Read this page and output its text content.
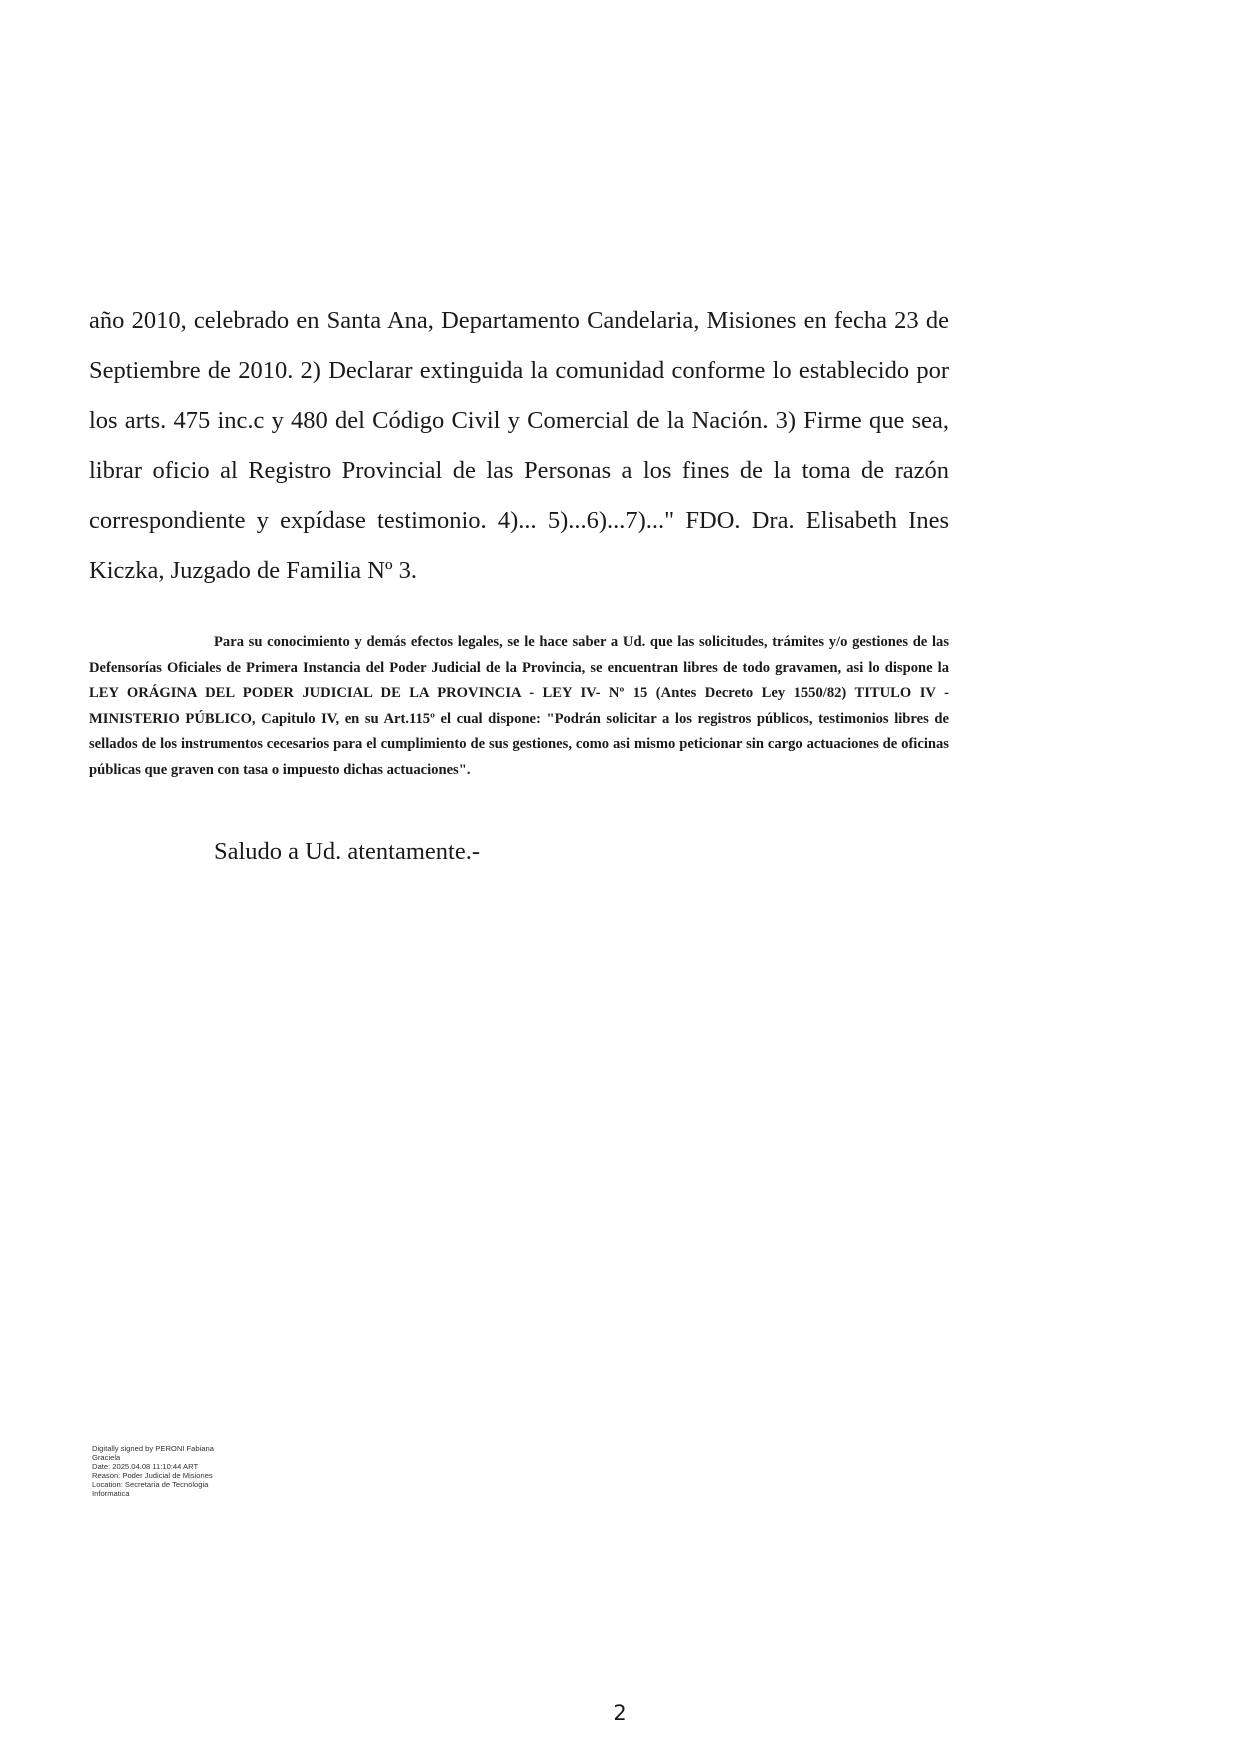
año 2010, celebrado en Santa Ana, Departamento Candelaria, Misiones en fecha 23 de Septiembre de 2010. 2) Declarar extinguida la comunidad conforme lo establecido por los arts. 475 inc.c y 480 del Código Civil y Comercial de la Nación. 3) Firme que sea, librar oficio al Registro Provincial de las Personas a los fines de la toma de razón correspondiente y expídase testimonio. 4)... 5)...6)...7)..." FDO. Dra. Elisabeth Ines Kiczka, Juzgado de Familia Nº 3.

Para su conocimiento y demás efectos legales, se le hace saber a Ud. que las solicitudes, trámites y/o gestiones de las Defensorías Oficiales de Primera Instancia del Poder Judicial de la Provincia, se encuentran libres de todo gravamen, asi lo dispone la LEY ORÁGINA DEL PODER JUDICIAL DE LA PROVINCIA - LEY IV- Nº 15 (Antes Decreto Ley 1550/82) TITULO IV - MINISTERIO PÚBLICO, Capitulo IV, en su Art.115º el cual dispone: "Podrán solicitar a los registros públicos, testimonios libres de sellados de los instrumentos cecesarios para el cumplimiento de sus gestiones, como asi mismo peticionar sin cargo actuaciones de oficinas públicas que graven con tasa o impuesto dichas actuaciones".

Saludo a Ud. atentamente.-

Digitally signed by PERONI Fabiana
Graciela
Date: 2025.04.08 11:10:44 ART
Reason: Poder Judicial de Misiones
Location: Secretaria de Tecnologia
Informatica
2
